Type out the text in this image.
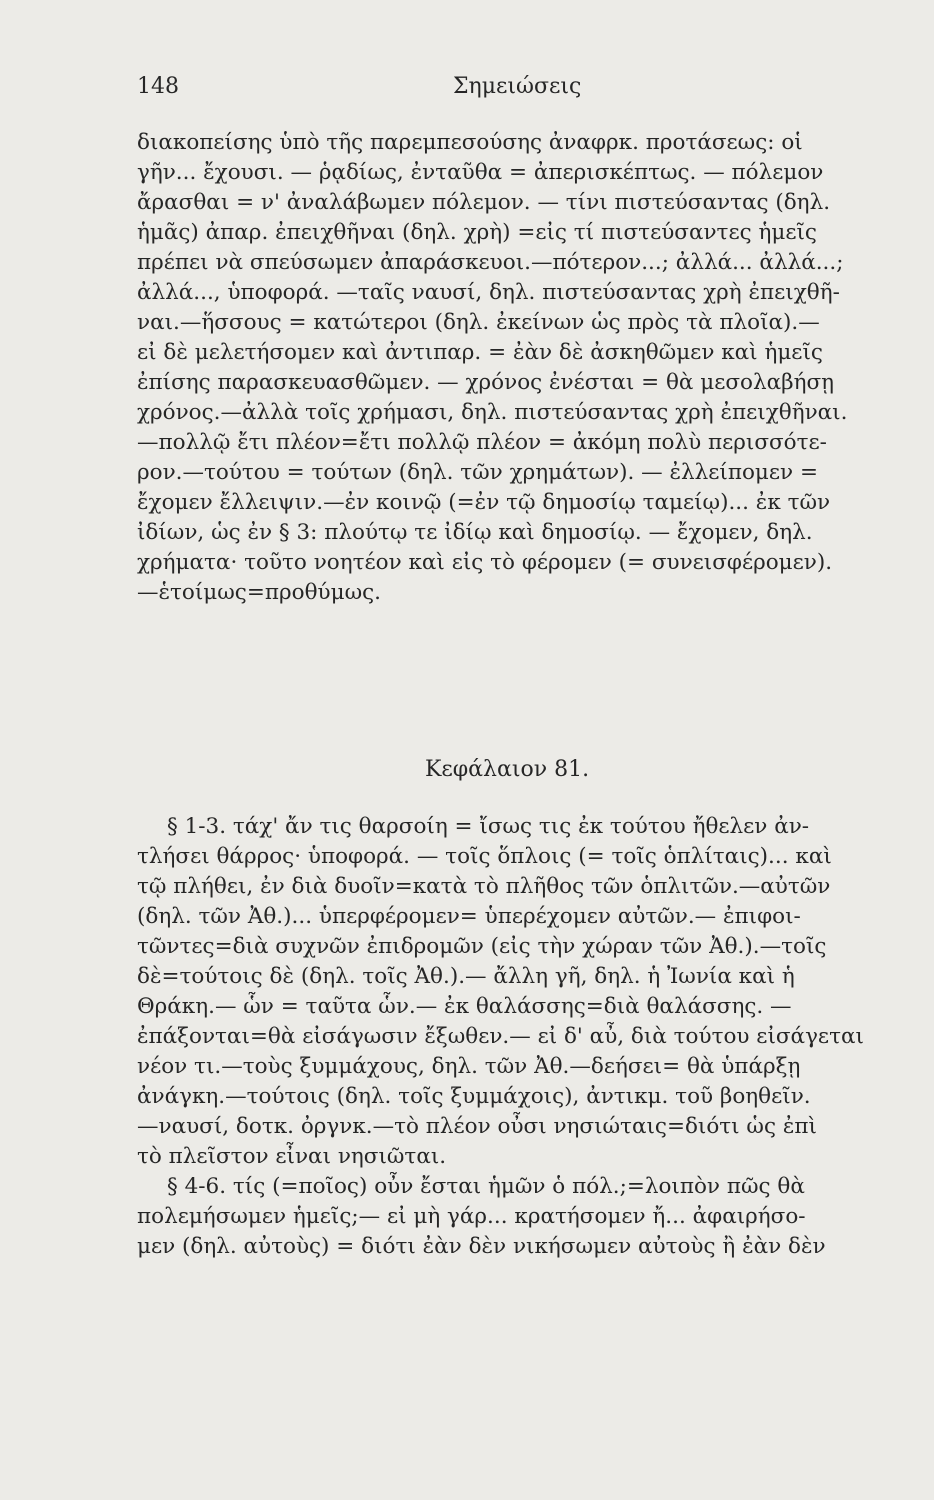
148	Σημειώσεις
διακοπείσης ὑπὸ τῆς παρεμπεσούσης ἀναφρκ. προτάσεως: οἱ
γῆν... ἔχουσι. — ῥᾳδίως, ἐνταῦθα = ἀπερισκέπτως. — πόλεμον
ἄρασθαι = ν' ἀναλάβωμεν πόλεμον. — τίνι πιστεύσαντας (δηλ.
ἡμᾶς) ἀπαρ. ἐπειχθῆναι (δηλ. χρὴ) =εἰς τί πιστεύσαντες ἡμεῖς
πρέπει νὰ σπεύσωμεν ἀπαράσκευοι.—πότερον...; ἀλλά... ἀλλά...;
ἀλλά..., ὑποφορά. —ταῖς ναυσί, δηλ. πιστεύσαντας χρὴ ἐπειχθῆ-
ναι.—ἥσσους = κατώτεροι (δηλ. ἐκείνων ὡς πρὸς τὰ πλοῖα).—
εἰ δὲ μελετήσομεν καὶ ἀντιπαρ. = ἐὰν δὲ ἀσκηθῶμεν καὶ ἡμεῖς
ἐπίσης παρασκευασθῶμεν. — χρόνος ἐνέσται = θὰ μεσολαβήσῃ
χρόνος.—ἀλλὰ τοῖς χρήμασι, δηλ. πιστεύσαντας χρὴ ἐπειχθῆναι.
—πολλῷ ἔτι πλέον=ἔτι πολλῷ πλέον = ἀκόμη πολὺ περισσότε-
ρον.—τούτου = τούτων (δηλ. τῶν χρημάτων). — ἐλλείπομεν =
ἔχομεν ἔλλειψιν.—ἐν κοινῷ (=ἐν τῷ δημοσίῳ ταμείῳ)... ἐκ τῶν
ἰδίων, ὡς ἐν § 3: πλούτῳ τε ἰδίῳ καὶ δημοσίῳ. — ἔχομεν, δηλ.
χρήματα· τοῦτο νοητέον καὶ εἰς τὸ φέρομεν (= συνεισφέρομεν).
—ἑτοίμως=προθύμως.
Κεφάλαιον 81.
§ 1-3. τάχ' ἄν τις θαρσοίη = ἴσως τις ἐκ τούτου ἤθελεν ἀν-
τλήσει θάρρος· ὑποφορά. — τοῖς ὅπλοις (= τοῖς ὁπλίταις)... καὶ
τῷ πλήθει, ἐν διὰ δυοῖν=κατὰ τὸ πλῆθος τῶν ὁπλιτῶν.—αὐτῶν
(δηλ. τῶν Ἀθ.)... ὑπερφέρομεν= ὑπερέχομεν αὐτῶν.— ἐπιφοι-
τῶντες=διὰ συχνῶν ἐπιδρομῶν (εἰς τὴν χώραν τῶν Ἀθ.).—τοῖς
δὲ=τούτοις δὲ (δηλ. τοῖς Ἀθ.).— ἄλλη γῆ, δηλ. ἡ Ἰωνία καὶ ἡ
Θράκη.— ὧν = ταῦτα ὧν.— ἐκ θαλάσσης=διὰ θαλάσσης. —
ἐπάξονται=θὰ εἰσάγωσιν ἔξωθεν.— εἰ δ' αὖ, διὰ τούτου εἰσάγεται
νέον τι.—τοὺς ξυμμάχους, δηλ. τῶν Ἀθ.—δεήσει= θὰ ὑπάρξῃ
ἀνάγκη.—τούτοις (δηλ. τοῖς ξυμμάχοις), ἀντικμ. τοῦ βοηθεῖν.
—ναυσί, δοτκ. ὀργνκ.—τὸ πλέον οὖσι νησιώταις=διότι ὡς ἐπὶ
τὸ πλεῖστον εἶναι νησιῶται.
§ 4-6. τίς (=ποῖος) οὖν ἔσται ἡμῶν ὁ πόλ.;=λοιπὸν πῶς θὰ
πολεμήσωμεν ἡμεῖς;— εἰ μὴ γάρ... κρατήσομεν ἤ... ἀφαιρήσο-
μεν (δηλ. αὐτοὺς) = διότι ἐὰν δὲν νικήσωμεν αὐτοὺς ἢ ἐὰν δὲν
